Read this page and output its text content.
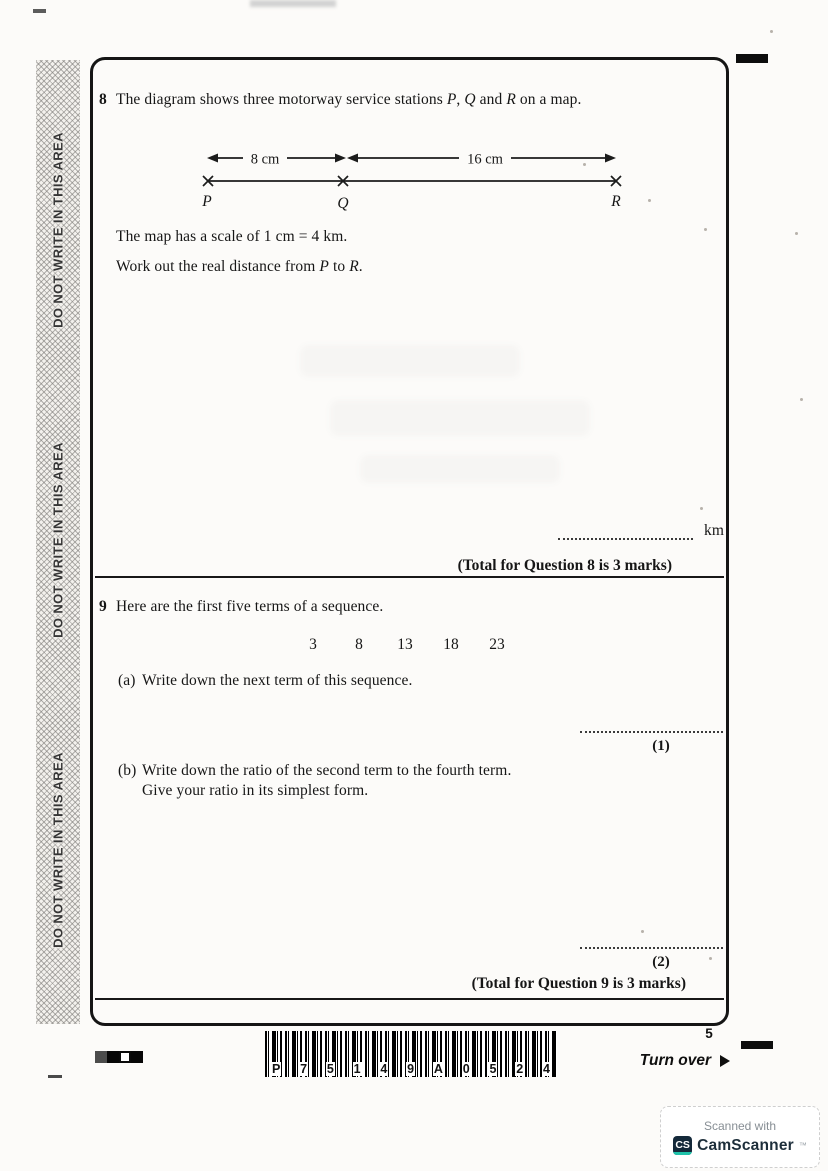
DO NOT WRITE IN THIS AREA
DO NOT WRITE IN THIS AREA
DO NOT WRITE IN THIS AREA
8 The diagram shows three motorway service stations P, Q and R on a map.

8 cm	16 cm
P	Q	R

The map has a scale of 1 cm = 4 km.

Work out the real distance from P to R.

km
(Total for Question 8 is 3 marks)
9 Here are the first five terms of a sequence.

3	8	13 18 23
(a) Write down the next term of this sequence.
(1)
(b) Write down the ratio of the second term to the fourth term.
Give your ratio in its simplest form.
(2)
(Total for Question 9 is 3 marks)
P 7 5 1 4 9 A 0 5 2 4
5
Turn over
Scanned with
CS CamScanner ™
